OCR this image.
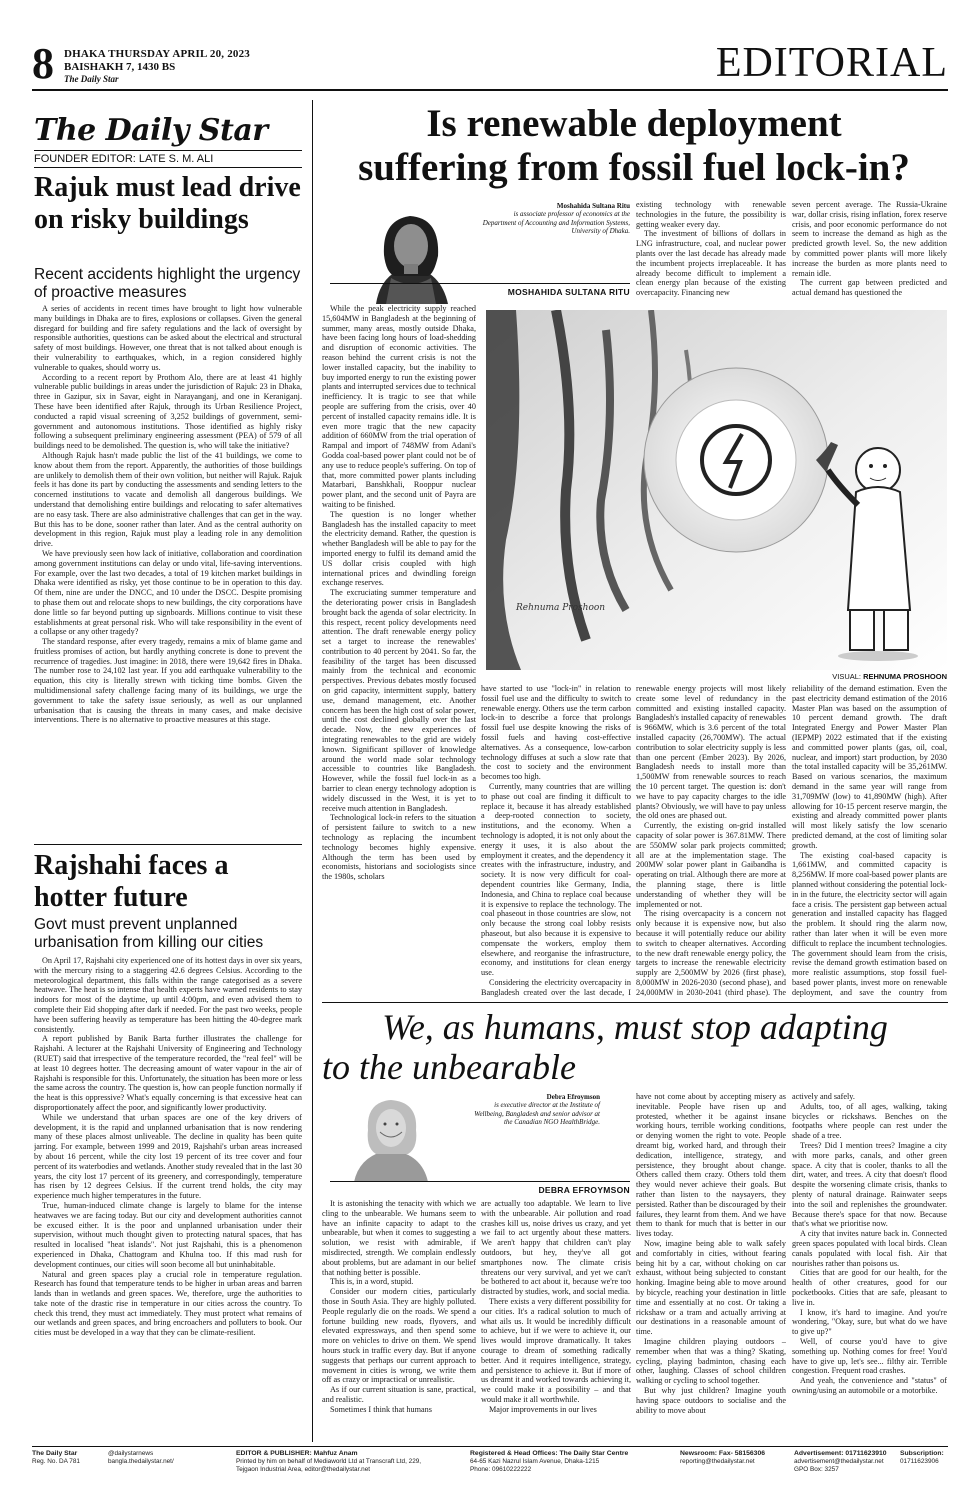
8 DHAKA THURSDAY APRIL 20, 2023
BAISHAKH 7, 1430 BS
The Daily Star	EDITORIAL
The Daily Star
FOUNDER EDITOR: LATE S. M. ALI
Rajuk must lead drive on risky buildings
Recent accidents highlight the urgency of proactive measures

A series of accidents in recent times have brought to light how vulnerable many buildings in Dhaka are to fires, explosions or collapses. Given the general disregard for building and fire safety regulations and the lack of oversight by responsible authorities, questions can be asked about the electrical and structural safety of most buildings. However, one threat that is not talked about enough is their vulnerability to earthquakes, which, in a region considered highly vulnerable to quakes, should worry us.

According to a recent report by Prothom Alo, there are at least 41 highly vulnerable public buildings in areas under the jurisdiction of Rajuk: 23 in Dhaka, three in Gazipur, six in Savar, eight in Narayanganj, and one in Keraniganj. These have been identified after Rajuk, through its Urban Resilience Project, conducted a rapid visual screening of 3,252 buildings of government, semi-government and autonomous institutions. Those identified as highly risky following a subsequent preliminary engineering assessment (PEA) of 579 of all buildings need to be demolished. The question is, who will take the initiative?

Although Rajuk hasn't made public the list of the 41 buildings, we come to know about them from the report. Apparently, the authorities of those buildings are unlikely to demolish them of their own volition, but neither will Rajuk. Rajuk feels it has done its part by conducting the assessments and sending letters to the concerned institutions to vacate and demolish all dangerous buildings. We understand that demolishing entire buildings and relocating to safer alternatives are no easy task. There are also administrative challenges that can get in the way. But this has to be done, sooner rather than later. And as the central authority on development in this region, Rajuk must play a leading role in any demolition drive.

We have previously seen how lack of initiative, collaboration and coordination among government institutions can delay or undo vital, life-saving interventions. For example, over the last two decades, a total of 19 kitchen market buildings in Dhaka were identified as risky, yet those continue to be in operation to this day. Of them, nine are under the DNCC, and 10 under the DSCC. Despite promising to phase them out and relocate shops to new buildings, the city corporations have done little so far beyond putting up signboards. Millions continue to visit these establishments at great personal risk. Who will take responsibility in the event of a collapse or any other tragedy?

The standard response, after every tragedy, remains a mix of blame game and fruitless promises of action, but hardly anything concrete is done to prevent the recurrence of tragedies. Just imagine: in 2018, there were 19,642 fires in Dhaka. The number rose to 24,102 last year. If you add earthquake vulnerability to the equation, this city is literally strewn with ticking time bombs. Given the multidimensional safety challenge facing many of its buildings, we urge the government to take the safety issue seriously, as well as our unplanned urbanisation that is causing the threats in many cases, and make decisive interventions. There is no alternative to proactive measures at this stage.

Rajshahi faces a hotter future
Govt must prevent unplanned urbanisation from killing our cities

On April 17, Rajshahi city experienced one of its hottest days in over six years, with the mercury rising to a staggering 42.6 degrees Celsius. According to the meteorological department, this falls within the range categorised as a severe heatwave. The heat is so intense that health experts have warned residents to stay indoors for most of the daytime, up until 4:00pm, and even advised them to complete their Eid shopping after dark if needed. For the past two weeks, people have been suffering heavily as temperature has been hitting the 40-degree mark consistently.

A report published by Banik Barta further illustrates the challenge for Rajshahi. A lecturer at the Rajshahi University of Engineering and Technology (RUET) said that irrespective of the temperature recorded, the "real feel" will be at least 10 degrees hotter. The decreasing amount of water vapour in the air of Rajshahi is responsible for this. Unfortunately, the situation has been more or less the same across the country. The question is, how can people function normally if the heat is this oppressive? What's equally concerning is that excessive heat can disproportionately affect the poor, and significantly lower productivity.

While we understand that urban spaces are one of the key drivers of development, it is the rapid and unplanned urbanisation that is now rendering many of these places almost unliveable. The decline in quality has been quite jarring. For example, between 1999 and 2019, Rajshahi's urban areas increased by about 16 percent, while the city lost 19 percent of its tree cover and four percent of its waterbodies and wetlands. Another study revealed that in the last 30 years, the city lost 17 percent of its greenery, and correspondingly, temperature has risen by 12 degrees Celsius. If the current trend holds, the city may experience much higher temperatures in the future.

True, human-induced climate change is largely to blame for the intense heatwaves we are facing today. But our city and development authorities cannot be excused either. It is the poor and unplanned urbanisation under their supervision, without much thought given to protecting natural spaces, that has resulted in localised "heat islands". Not just Rajshahi, this is a phenomenon experienced in Dhaka, Chattogram and Khulna too. If this mad rush for development continues, our cities will soon become all but uninhabitable.

Natural and green spaces play a crucial role in temperature regulation. Research has found that temperature tends to be higher in urban areas and barren lands than in wetlands and green spaces. We, therefore, urge the authorities to take note of the drastic rise in temperature in our cities across the country. To check this trend, they must act immediately. They must protect what remains of our wetlands and green spaces, and bring encroachers and polluters to book. Our cities must be developed in a way that they can be climate-resilient.

Is renewable deployment
suffering from fossil fuel lock-in?
Moshahida Sultana Ritu
is associate professor of economics at the Department of Accounting and Information Systems, University of Dhaka.
MOSHAHIDA SULTANA RITU
Rehnuma Proshoon
VISUAL: REHNUMA PROSHOON

While the peak electricity supply reached 15,604MW in Bangladesh at the beginning of summer, many areas, mostly outside Dhaka, have been facing long hours of load-shedding and disruption of economic activities. The reason behind the current crisis is not the lower installed capacity, but the inability to buy imported energy to run the existing power plants and interrupted services due to technical inefficiency. It is tragic to see that while people are suffering from the crisis, over 40 percent of installed capacity remains idle. It is even more tragic that the new capacity addition of 660MW from the trial operation of Rampal and import of 748MW from Adani's Godda coal-based power plant could not be of any use to reduce people's suffering. On top of that, more committed power plants including Matarbari, Banshkhali, Rooppur nuclear power plant, and the second unit of Payra are waiting to be finished.

The question is no longer whether Bangladesh has the installed capacity to meet the electricity demand. Rather, the question is whether Bangladesh will be able to pay for the imported energy to fulfil its demand amid the US dollar crisis coupled with high international prices and dwindling foreign exchange reserves.

The excruciating summer temperature and the deteriorating power crisis in Bangladesh brought back the agenda of solar electricity. In this respect, recent policy developments need attention. The draft renewable energy policy set a target to increase the renewables' contribution to 40 percent by 2041. So far, the feasibility of the target has been discussed mainly from the technical and economic perspectives. Previous debates mostly focused on grid capacity, intermittent supply, battery use, demand management, etc. Another concern has been the high cost of solar power, until the cost declined globally over the last decade. Now, the new experiences of integrating renewables to the grid are widely known. Significant spillover of knowledge around the world made solar technology accessible to countries like Bangladesh. However, while the fossil fuel lock-in as a barrier to clean energy technology adoption is widely discussed in the West, it is yet to receive much attention in Bangladesh.

Technological lock-in refers to the situation of persistent failure to switch to a new technology as replacing the incumbent technology becomes highly expensive. Although the term has been used by economists, historians and sociologists since the 1980s, scholars

have started to use "lock-in" in relation to fossil fuel use and the difficulty to switch to renewable energy. Others use the term carbon lock-in to describe a force that prolongs fossil fuel use despite knowing the risks of fossil fuels and having cost-effective alternatives. As a consequence, low-carbon technology diffuses at such a slow rate that the cost to society and the environment becomes too high.

Currently, many countries that are willing to phase out coal are finding it difficult to replace it, because it has already established a deep-rooted connection to society, institutions, and the economy. When a technology is adopted, it is not only about the energy it uses, it is also about the employment it creates, and the dependency it creates with the infrastructure, industry, and society. It is now very difficult for coal-dependent countries like Germany, India, Indonesia, and China to replace coal because it is expensive to replace the technology. The coal phaseout in those countries are slow, not only because the strong coal lobby resists phaseout, but also because it is expensive to compensate the workers, employ them elsewhere, and reorganise the infrastructure, economy, and institutions for clean energy use.

Considering the electricity overcapacity in Bangladesh created over the last decade, I

existing technology with renewable technologies in the future, the possibility is getting weaker every day.

The investment of billions of dollars in LNG infrastructure, coal, and nuclear power plants over the last decade has already made the incumbent projects irreplaceable. It has already become difficult to implement a clean energy plan because of the existing overcapacity. Financing new

renewable energy projects will most likely create some level of redundancy in the committed and existing installed capacity. Bangladesh's installed capacity of renewables is 966MW, which is 3.6 percent of the total installed capacity (26,700MW). The actual contribution to solar electricity supply is less than one percent (Ember 2023). By 2026, Bangladesh needs to install more than 1,500MW from renewable sources to reach the 10 percent target. The question is: don't we have to pay capacity charges to the idle plants? Obviously, we will have to pay unless the old ones are phased out.

Currently, the existing on-grid installed capacity of solar power is 367.81MW. There are 550MW solar park projects committed; all are at the implementation stage. The 200MW solar power plant in Gaibandha is operating on trial. Although there are more at the planning stage, there is little understanding of whether they will be implemented or not.

The rising overcapacity is a concern not only because it is expensive now, but also because it will potentially reduce our ability to switch to cheaper alternatives. According to the new draft renewable energy policy, the targets to increase the renewable electricity supply are 2,500MW by 2026 (first phase), 8,000MW in 2026-2030 (second phase), and 24,000MW in 2030-2041 (third phase). The

seven percent average. The Russia-Ukraine war, dollar crisis, rising inflation, forex reserve crisis, and poor economic performance do not seem to increase the demand as high as the predicted growth level. So, the new addition by committed power plants will more likely increase the burden as more plants need to remain idle.

The current gap between predicted and actual demand has questioned the

reliability of the demand estimation. Even the past electricity demand estimation of the 2016 Master Plan was based on the assumption of 10 percent demand growth. The draft Integrated Energy and Power Master Plan (IEPMP) 2022 estimated that if the existing and committed power plants (gas, oil, coal, nuclear, and import) start production, by 2030 the total installed capacity will be 35,261MW. Based on various scenarios, the maximum demand in the same year will range from 31,709MW (low) to 41,890MW (high). After allowing for 10-15 percent reserve margin, the existing and already committed power plants will most likely satisfy the low scenario predicted demand, at the cost of limiting solar growth.

The existing coal-based capacity is 1,661MW, and committed capacity is 8,256MW. If more coal-based power plants are planned without considering the potential lock-in in the future, the electricity sector will again face a crisis. The persistent gap between actual generation and installed capacity has flagged the problem. It should ring the alarm now, rather than later when it will be even more difficult to replace the incumbent technologies. The government should learn from the crisis, revise the demand growth estimation based on more realistic assumptions, stop fossil fuel-based power plants, invest more on renewable deployment, and save the country from

We, as humans, must stop adapting
to the unbearable
Debra Efroymson
is executive director at the Institute of Wellbeing, Bangladesh and senior advisor at the Canadian NGO HealthBridge.
DEBRA EFROYMSON

It is astonishing the tenacity with which we cling to the unbearable. We humans seem to have an infinite capacity to adapt to the unbearable, but when it comes to suggesting a solution, we resist with admirable, if misdirected, strength. We complain endlessly about problems, but are adamant in our belief that nothing better is possible.

This is, in a word, stupid.

Consider our modern cities, particularly those in South Asia. They are highly polluted. People regularly die on the roads. We spend a fortune building new roads, flyovers, and elevated expressways, and then spend some more on vehicles to drive on them. We spend hours stuck in traffic every day. But if anyone suggests that perhaps our current approach to movement in cities is wrong, we write them off as crazy or impractical or unrealistic.

As if our current situation is sane, practical, and realistic.

Sometimes I think that humans

are actually too adaptable. We learn to live with the unbearable. Air pollution and road crashes kill us, noise drives us crazy, and yet we fail to act urgently about these matters. We aren't happy that children can't play outdoors, but hey, they've all got smartphones now. The climate crisis threatens our very survival, and yet we can't be bothered to act about it, because we're too distracted by studies, work, and social media.

There exists a very different possibility for our cities. It's a radical solution to much of what ails us. It would be incredibly difficult to achieve, but if we were to achieve it, our lives would improve dramatically. It takes courage to dream of something radically better. And it requires intelligence, strategy, and persistence to achieve it. But if more of us dreamt it and worked towards achieving it, we could make it a possibility – and that would make it all worthwhile.

Major improvements in our lives

have not come about by accepting misery as inevitable. People have risen up and protested, whether it be against insane working hours, terrible working conditions, or denying women the right to vote. People dreamt big, worked hard, and through their dedication, intelligence, strategy, and persistence, they brought about change. Others called them crazy. Others told them they would never achieve their goals. But rather than listen to the naysayers, they persisted. Rather than be discouraged by their failures, they learnt from them. And we have them to thank for much that is better in our lives today.

Now, imagine being able to walk safely and comfortably in cities, without fearing being hit by a car, without choking on car exhaust, without being subjected to constant honking. Imagine being able to move around by bicycle, reaching your destination in little time and essentially at no cost. Or taking a rickshaw or a tram and actually arriving at our destinations in a reasonable amount of time.

Imagine children playing outdoors – remember when that was a thing? Skating, cycling, playing badminton, chasing each other, laughing. Classes of school children walking or cycling to school together.

But why just children? Imagine youth having space outdoors to socialise and the ability to move about

actively and safely.

Adults, too, of all ages, walking, taking bicycles or rickshaws. Benches on the footpaths where people can rest under the shade of a tree.

Trees? Did I mention trees? Imagine a city with more parks, canals, and other green space. A city that is cooler, thanks to all the dirt, water, and trees. A city that doesn't flood despite the worsening climate crisis, thanks to plenty of natural drainage. Rainwater seeps into the soil and replenishes the groundwater. Because there's space for that now. Because that's what we prioritise now.

A city that invites nature back in. Connected green spaces populated with local birds. Clean canals populated with local fish. Air that nourishes rather than poisons us.

Cities that are good for our health, for the health of other creatures, good for our pocketbooks. Cities that are safe, pleasant to live in.

I know, it's hard to imagine. And you're wondering, "Okay, sure, but what do we have to give up?"

Well, of course you'd have to give something up. Nothing comes for free! You'd have to give up, let's see... filthy air. Terrible congestion. Frequent road crashes.

And yeah, the convenience and "status" of owning/using an automobile or a motorbike.

The Daily Star
Reg. No. DA 781
@dailystarnews
bangla.thedailystar.net/
EDITOR & PUBLISHER: Mahfuz Anam
Printed by him on behalf of Mediaworld Ltd at Transcraft Ltd, 229,
Tejgaon Industrial Area, editor@thedailystar.net
Registered & Head Offices: The Daily Star Centre
64-65 Kazi Nazrul Islam Avenue, Dhaka-1215
Phone: 09610222222
Newsroom: Fax- 58156306
reporting@thedailystar.net
Advertisement: 01711623910
advertisement@thedailystar.net
GPO Box: 3257
Subscription:
01711623906
